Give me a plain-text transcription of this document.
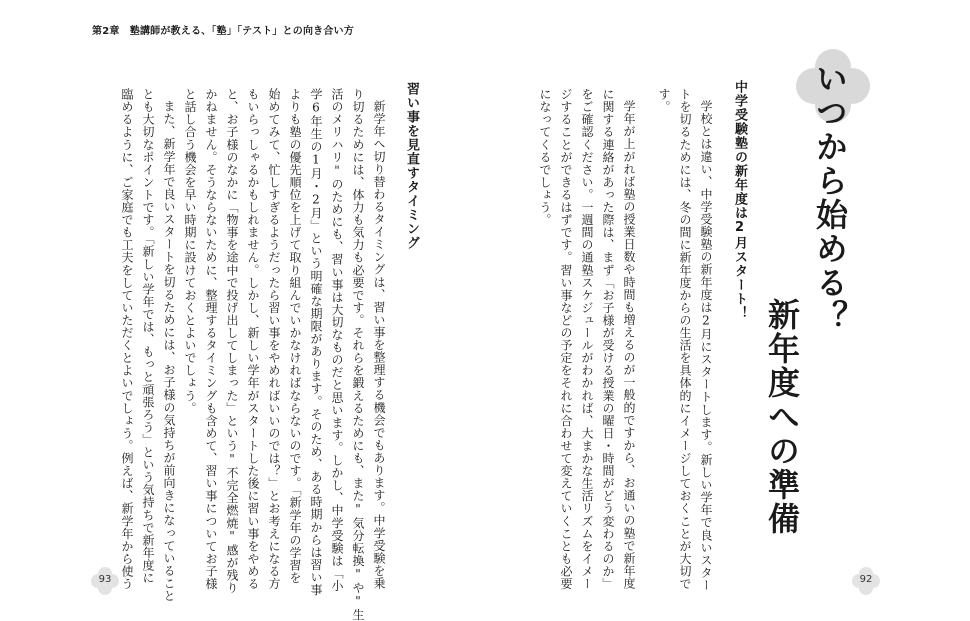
第2章　塾講師が教える、「塾」「テスト」との向き合い方
いつから始める？
新年度への準備
中学受験塾の新年度は2月スタート！
学校とは違い、中学受験塾の新年度は2月にスタートします。新しい学年で良いスター
トを切るためには、冬の間に新年度からの生活を具体的にイメージしておくことが大切で
す。
学年が上がれば塾の授業日数や時間も増えるのが一般的ですから、お通いの塾で新年度
に関する連絡があった際は、まず「お子様が受ける授業の曜日・時間がどう変わるのか」
をご確認ください。一週間の通塾スケジュールがわかれば、大まかな生活リズムをイメー
ジすることができるはずです。習い事などの予定をそれに合わせて変えていくことも必要
になってくるでしょう。
92
習い事を見直すタイミング
新学年へ切り替わるタイミングは、習い事を整理する機会でもあります。中学受験を乗
り切るためには、体力も気力も必要です。それらを鍛えるためにも、また"気分転換"や"生
活のメリハリ"のためにも、習い事は大切なものだと思います。しかし、中学受験は「小
学6年生の1月・2月」という明確な期限があります。そのため、ある時期からは習い事
よりも塾の優先順位を上げて取り組んでいかなければならないのです。「新学年の学習を
始めてみて、忙しすぎるようだったら習い事をやめればいいのでは？」とお考えになる方
もいらっしゃるかもしれません。しかし、新しい学年がスタートした後に習い事をやめる
と、お子様のなかに「物事を途中で投げ出してしまった」という"不完全燃焼"感が残り
かねません。そうならないために、整理するタイミングも含めて、習い事についてお子様
と話し合う機会を早い時期に設けておくとよいでしょう。
また、新学年で良いスタートを切るためには、お子様の気持ちが前向きになっていること
とも大切なポイントです。「新しい学年では、もっと頑張ろう」という気持ちで新年度に
臨めるように、ご家庭でも工夫をしていただくとよいでしょう。例えば、新学年から使う
93
